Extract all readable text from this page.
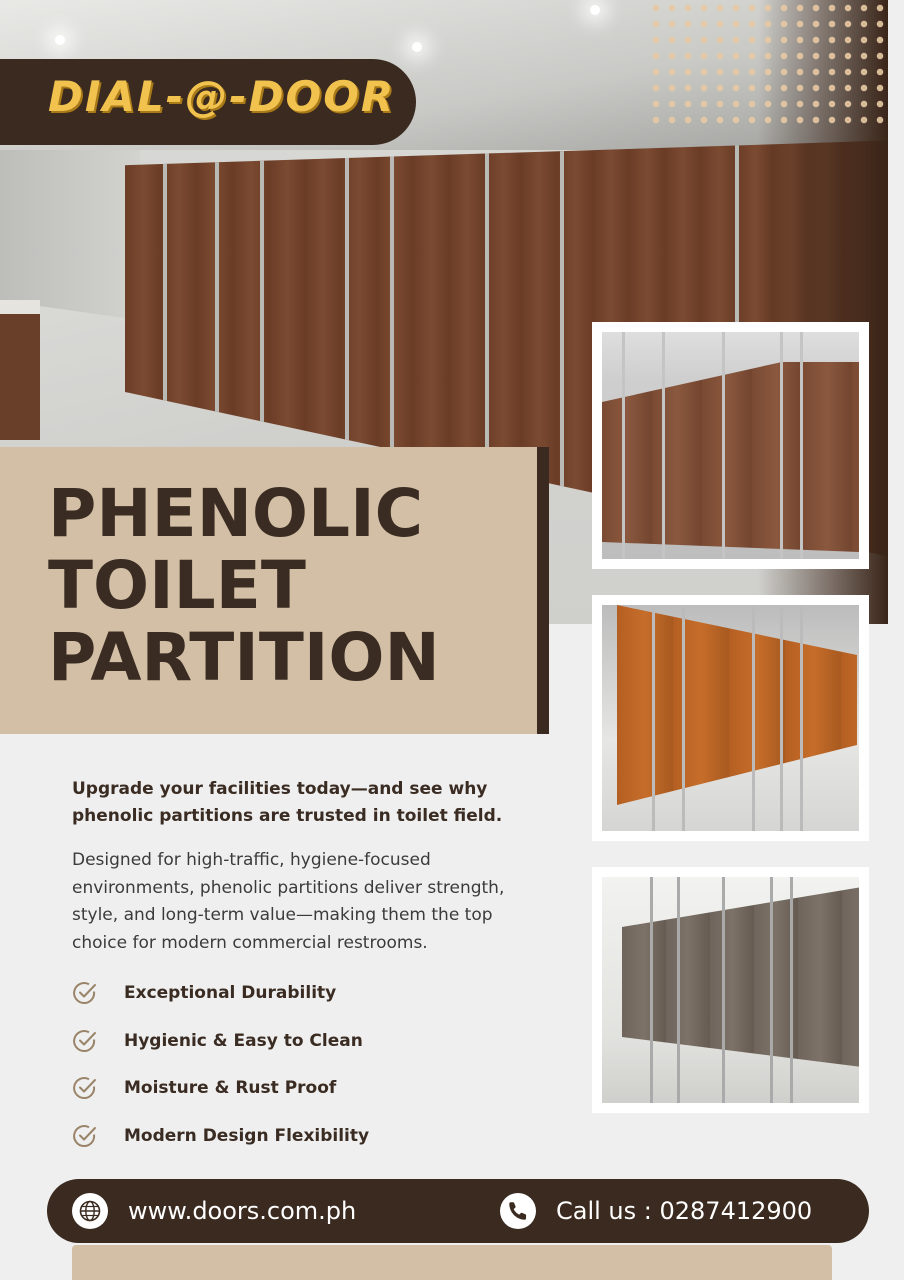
DIAL-@-DOOR
PHENOLIC
TOILET
PARTITION

Upgrade your facilities today—and see why phenolic partitions are trusted in toilet field.

Designed for high-traffic, hygiene-focused environments, phenolic partitions deliver strength, style, and long-term value—making them the top choice for modern commercial restrooms.

Exceptional Durability
Hygienic & Easy to Clean
Moisture & Rust Proof
Modern Design Flexibility
www.doors.com.ph	Call us : 0287412900
